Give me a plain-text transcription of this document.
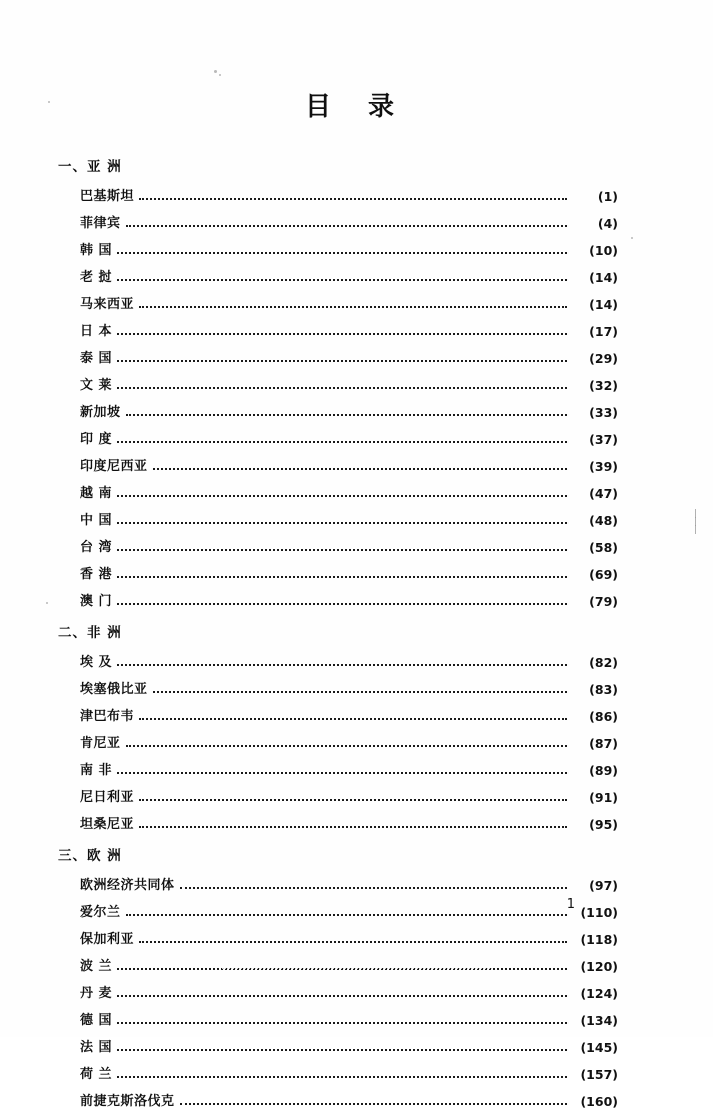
|
|
|
目 录
一、亚 洲
巴基斯坦	(1)
菲律宾	(4)
韩 国	(10)
老 挝	(14)
马来西亚	(14)
日 本	(17)
泰 国	(29)
文 莱	(32)
新加坡	(33)
印 度	(37)
印度尼西亚	(39)
越 南	(47)
中 国	(48)
台 湾	(58)
香 港	(69)
澳 门	(79)
二、非 洲
埃 及	(82)
埃塞俄比亚	(83)
津巴布韦	(86)
肯尼亚	(87)
南 非	(89)
尼日利亚	(91)
坦桑尼亚	(95)
三、欧 洲
欧洲经济共同体	(97)
爱尔兰	(110)
保加利亚	(118)
波 兰	(120)
丹 麦	(124)
德 国	(134)
法 国	(145)
荷 兰	(157)
前捷克斯洛伐克	(160)
1
